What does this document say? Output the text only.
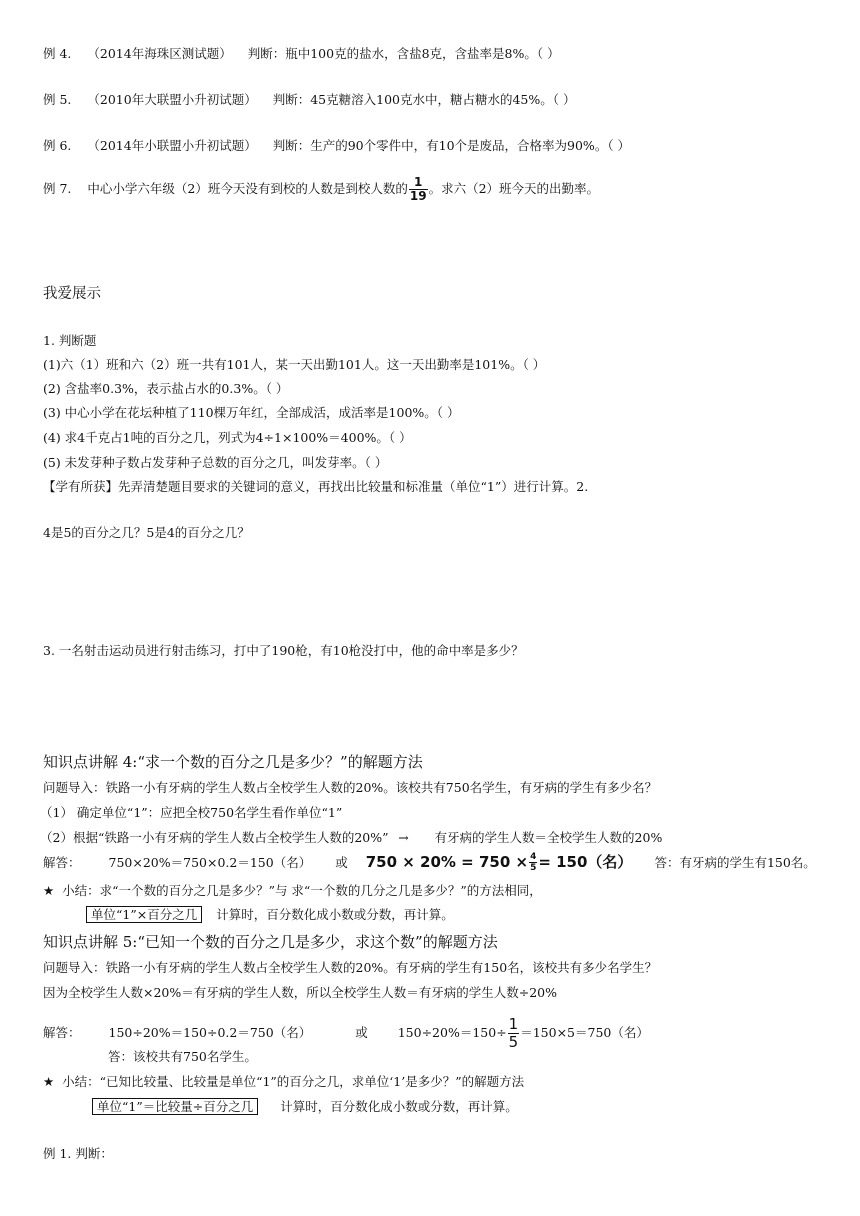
例 4. （2014年海珠区测试题） 判断：瓶中100克的盐水，含盐8克，含盐率是8%。（ ）
例 5. （2010年大联盟小升初试题） 判断：45克糖溶入100克水中，糖占糖水的45%。（ ）
例 6. （2014年小联盟小升初试题） 判断：生产的90个零件中，有10个是废品，合格率为90%。（ ）
例 7. 中心小学六年级（2）班今天没有到校的人数是到校人数的 $\frac{1}{19}$ 。求六（2）班今天的出勤率。
我爱展示
1. 判断题
(1)六（1）班和六（2）班一共有101人，某一天出勤101人。这一天出勤率是101%。（ ）
(2) 含盐率0.3%，表示盐占水的0.3%。（ ）
(3) 中心小学在花坛种植了110棵万年红，全部成活，成活率是100%。（ ）
(4) 求4千克占1吨的百分之几，列式为4÷1×100%＝400%。（ ）
(5) 未发芽种子数占发芽种子总数的百分之几，叫发芽率。（ ）
【学有所获】先弄清楚题目要求的关键词的意义，再找出比较量和标准量（单位“1”）进行计算。2.
4是5的百分之几？5是4的百分之几？
3. 一名射击运动员进行射击练习，打中了190枪，有10枪没打中，他的命中率是多少？
知识点讲解 4:“求一个数的百分之几是多少？”的解题方法
问题导入：铁路一小有牙病的学生人数占全校学生人数的20%。该校共有750名学生，有牙病的学生有多少名？
（1） 确定单位“1”：应把全校750名学生看作单位“1”
（2）根据“铁路一小有牙病的学生人数占全校学生人数的20%” → 有牙病的学生人数＝全校学生人数的20%
解答： 750×20%＝750×0.2＝150（名） 或 $750 \times 20\% = 750 \times \frac{4}{5} = 150$（名） 答：有牙病的学生有150名。
★ 小结：求“一个数的百分之几是多少？”与 求“一个数的几分之几是多少？”的方法相同，
单位“1”×百分之几 计算时，百分数化成小数或分数，再计算。
知识点讲解 5:“已知一个数的百分之几是多少，求这个数”的解题方法
问题导入：铁路一小有牙病的学生人数占全校学生人数的20%。有牙病的学生有150名，该校共有多少名学生？
因为全校学生人数×20%＝有牙病的学生人数，所以全校学生人数＝有牙病的学生人数÷20%
解答： 150÷20%＝150÷0.2＝750（名）	或 $150\div 20\%=150\div \frac{1}{5} =150\times 5=750$（名）
答：该校共有750名学生。
★ 小结：“已知比较量、比较量是单位“1”的百分之几，求单位‘1’是多少？”的解题方法
单位“1”＝比较量÷百分之几 计算时，百分数化成小数或分数，再计算。
例 1. 判断：
